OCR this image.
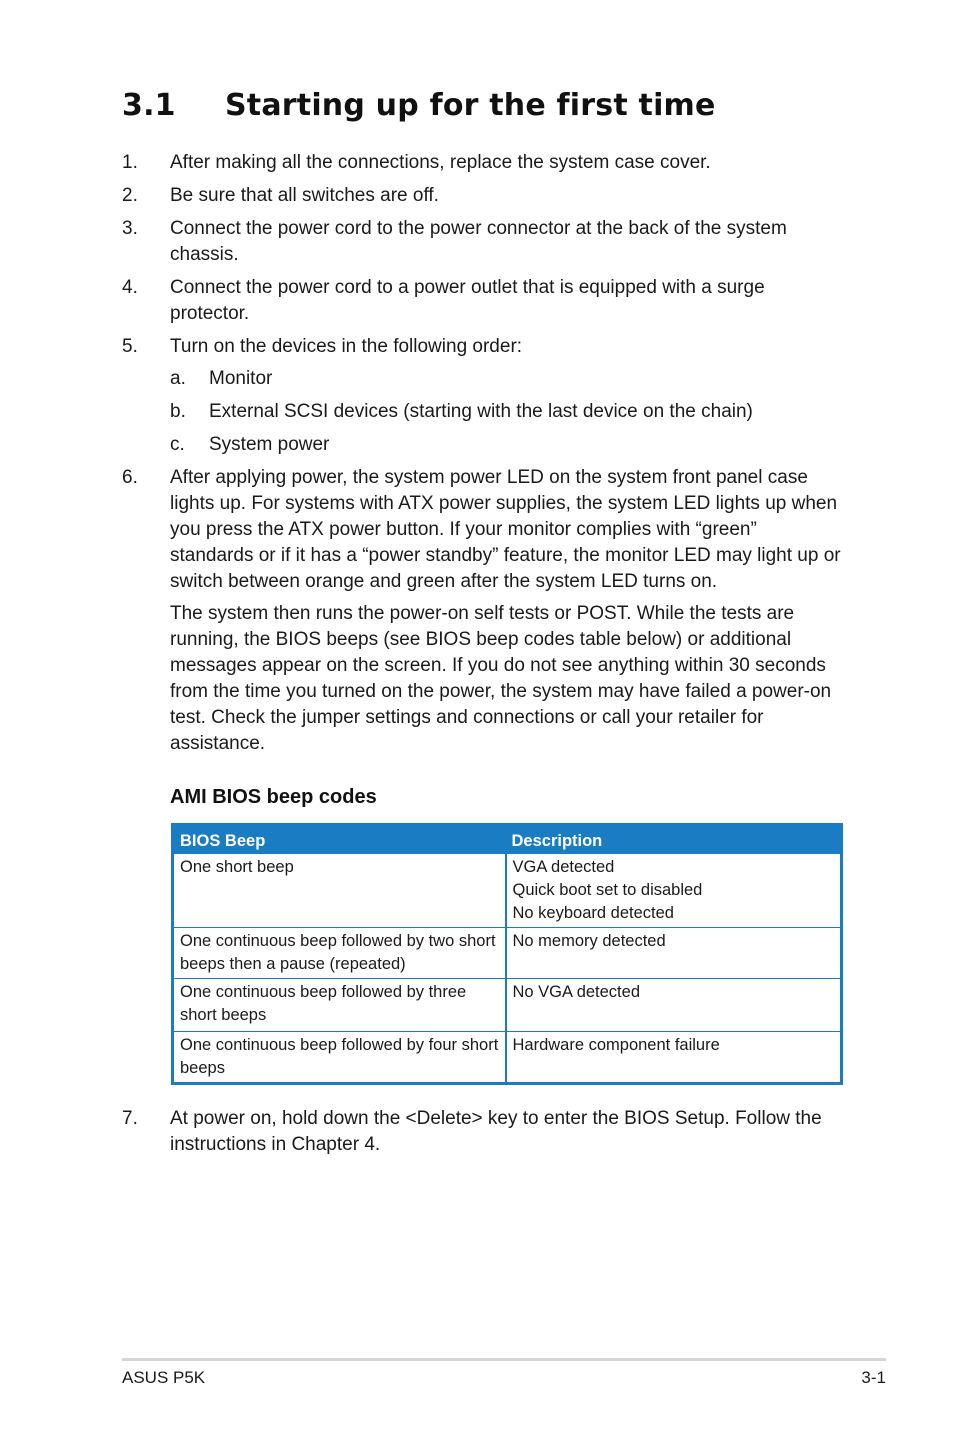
3.1 Starting up for the first time
1. After making all the connections, replace the system case cover.
2. Be sure that all switches are off.
3. Connect the power cord to the power connector at the back of the system chassis.
4. Connect the power cord to a power outlet that is equipped with a surge protector.
5. Turn on the devices in the following order:
a. Monitor
b. External SCSI devices (starting with the last device on the chain)
c. System power
6. After applying power, the system power LED on the system front panel case lights up. For systems with ATX power supplies, the system LED lights up when you press the ATX power button. If your monitor complies with “green” standards or if it has a “power standby” feature, the monitor LED may light up or switch between orange and green after the system LED turns on.
The system then runs the power-on self tests or POST. While the tests are running, the BIOS beeps (see BIOS beep codes table below) or additional messages appear on the screen. If you do not see anything within 30 seconds from the time you turned on the power, the system may have failed a power-on test. Check the jumper settings and connections or call your retailer for assistance.
AMI BIOS beep codes
BIOS Beep	Description
One short beep	VGA detected
Quick boot set to disabled
No keyboard detected

One continuous beep followed by two short beeps then a pause (repeated)	No memory detected

One continuous beep followed by three short beeps	No VGA detected

One continuous beep followed by four short beeps	Hardware component failure
7. At power on, hold down the <Delete> key to enter the BIOS Setup. Follow the instructions in Chapter 4.
ASUS P5K	3-1
